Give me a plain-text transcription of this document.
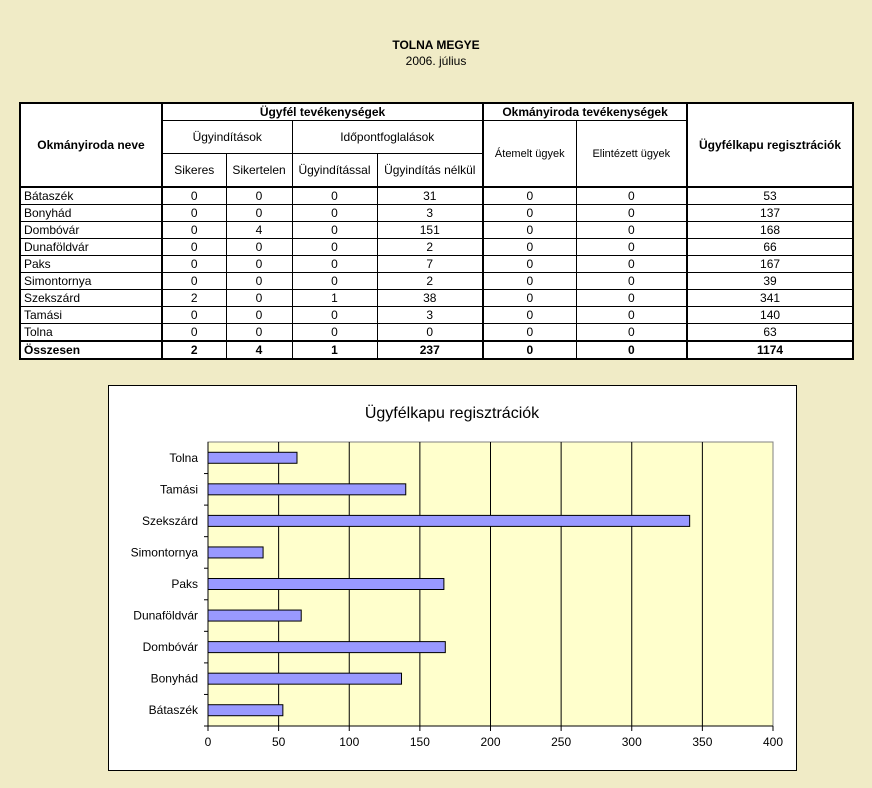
TOLNA MEGYE
2006. július
Okmányiroda neve	Ügyfél tevékenységek				Okmányiroda tevékenységek		Ügyfélkapu regisztrációk
	Ügyindítások		Időpontfoglalások		Átemelt ügyek	Elintézett ügyek	
	Sikeres	Sikertelen	Ügyindítással	Ügyindítás nélkül			
Bátaszék	0	0	0	31	0	0	53
Bonyhád	0	0	0	3	0	0	137
Dombóvár	0	4	0	151	0	0	168
Dunaföldvár	0	0	0	2	0	0	66
Paks	0	0	0	7	0	0	167
Simontornya	0	0	0	2	0	0	39
Szekszárd	2	0	1	38	0	0	341
Tamási	0	0	0	3	0	0	140
Tolna	0	0	0	0	0	0	63
Összesen	2	4	1	237	0	0	1174
Ügyfélkapu regisztrációk
0	50	100	150	200	250	300	350	400
Bátaszék
Bonyhád
Dombóvár
Dunaföldvár
Paks
Simontornya
Szekszárd
Tamási
Tolna
